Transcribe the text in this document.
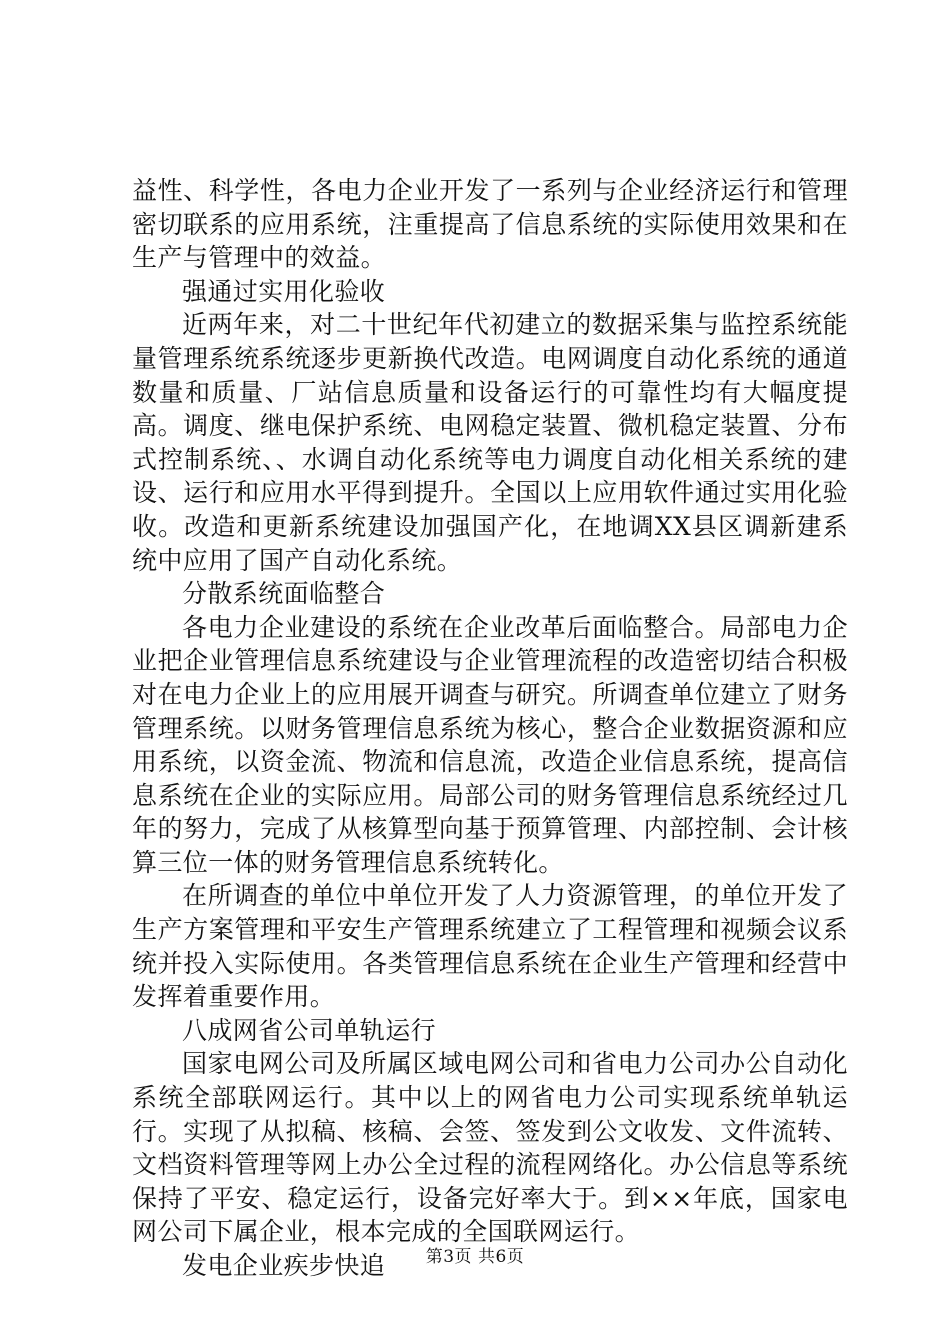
益性、科学性，各电力企业开发了一系列与企业经济运行和管理密切联系的应用系统，注重提高了信息系统的实际使用效果和在生产与管理中的效益。

强通过实用化验收

近两年来，对二十世纪年代初建立的数据采集与监控系统能量管理系统系统逐步更新换代改造。电网调度自动化系统的通道数量和质量、厂站信息质量和设备运行的可靠性均有大幅度提高。调度、继电保护系统、电网稳定装置、微机稳定装置、分布式控制系统、、水调自动化系统等电力调度自动化相关系统的建设、运行和应用水平得到提升。全国以上应用软件通过实用化验收。改造和更新系统建设加强国产化，在地调XX县区调新建系统中应用了国产自动化系统。

分散系统面临整合

各电力企业建设的系统在企业改革后面临整合。局部电力企业把企业管理信息系统建设与企业管理流程的改造密切结合积极对在电力企业上的应用展开调查与研究。所调查单位建立了财务管理系统。以财务管理信息系统为核心，整合企业数据资源和应用系统，以资金流、物流和信息流，改造企业信息系统，提高信息系统在企业的实际应用。局部公司的财务管理信息系统经过几年的努力，完成了从核算型向基于预算管理、内部控制、会计核算三位一体的财务管理信息系统转化。

在所调查的单位中单位开发了人力资源管理，的单位开发了生产方案管理和平安生产管理系统建立了工程管理和视频会议系统并投入实际使用。各类管理信息系统在企业生产管理和经营中发挥着重要作用。

八成网省公司单轨运行

国家电网公司及所属区域电网公司和省电力公司办公自动化系统全部联网运行。其中以上的网省电力公司实现系统单轨运行。实现了从拟稿、核稿、会签、签发到公文收发、文件流转、文档资料管理等网上办公全过程的流程网络化。办公信息等系统保持了平安、稳定运行，设备完好率大于。到××年底，国家电网公司下属企业，根本完成的全国联网运行。

发电企业疾步快追	第3页 共6页
